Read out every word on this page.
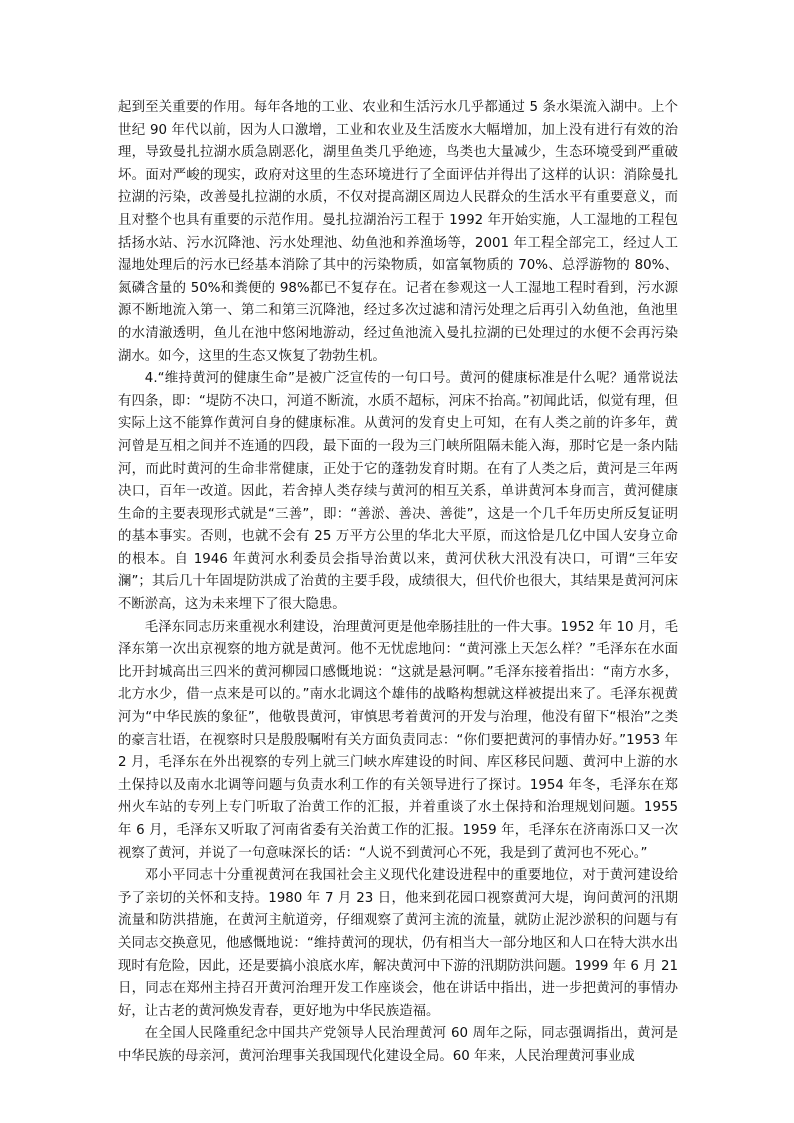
起到至关重要的作用。每年各地的工业、农业和生活污水几乎都通过 5 条水渠流入湖中。上个世纪 90 年代以前，因为人口激增，工业和农业及生活废水大幅增加，加上没有进行有效的治理，导致曼扎拉湖水质急剧恶化，湖里鱼类几乎绝迹，鸟类也大量减少，生态环境受到严重破坏。面对严峻的现实，政府对这里的生态环境进行了全面评估并得出了这样的认识：消除曼扎拉湖的污染，改善曼扎拉湖的水质，不仅对提高湖区周边人民群众的生活水平有重要意义，而且对整个也具有重要的示范作用。曼扎拉湖治污工程于 1992 年开始实施，人工湿地的工程包括扬水站、污水沉降池、污水处理池、幼鱼池和养渔场等，2001 年工程全部完工，经过人工湿地处理后的污水已经基本消除了其中的污染物质，如富氧物质的 70%、总浮游物的 80%、氮磷含量的 50%和粪便的 98%都已不复存在。记者在参观这一人工湿地工程时看到，污水源源不断地流入第一、第二和第三沉降池，经过多次过滤和清污处理之后再引入幼鱼池，鱼池里的水清澈透明，鱼儿在池中悠闲地游动，经过鱼池流入曼扎拉湖的已处理过的水便不会再污染湖水。如今，这里的生态又恢复了勃勃生机。

4.“维持黄河的健康生命”是被广泛宣传的一句口号。黄河的健康标准是什么呢？通常说法有四条，即：“堤防不决口，河道不断流，水质不超标，河床不抬高。”初闻此话，似觉有理，但实际上这不能算作黄河自身的健康标准。从黄河的发育史上可知，在有人类之前的许多年，黄河曾是互相之间并不连通的四段，最下面的一段为三门峡所阻隔未能入海，那时它是一条内陆河，而此时黄河的生命非常健康，正处于它的蓬勃发育时期。在有了人类之后，黄河是三年两决口，百年一改道。因此，若舍掉人类存续与黄河的相互关系，单讲黄河本身而言，黄河健康生命的主要表现形式就是“三善”，即：“善淤、善决、善徙”，这是一个几千年历史所反复证明的基本事实。否则，也就不会有 25 万平方公里的华北大平原，而这恰是几亿中国人安身立命的根本。自 1946 年黄河水利委员会指导治黄以来，黄河伏秋大汛没有决口，可谓“三年安澜”；其后几十年固堤防洪成了治黄的主要手段，成绩很大，但代价也很大，其结果是黄河河床不断淤高，这为未来埋下了很大隐患。

毛泽东同志历来重视水利建设，治理黄河更是他牵肠挂肚的一件大事。1952 年 10 月，毛泽东第一次出京视察的地方就是黄河。他不无忧虑地问：“黄河涨上天怎么样？”毛泽东在水面比开封城高出三四米的黄河柳园口感慨地说：“这就是悬河啊。”毛泽东接着指出：“南方水多，北方水少，借一点来是可以的。”南水北调这个雄伟的战略构想就这样被提出来了。毛泽东视黄河为“中华民族的象征”，他敬畏黄河，审慎思考着黄河的开发与治理，他没有留下“根治”之类的豪言壮语，在视察时只是殷殷嘱咐有关方面负责同志：“你们要把黄河的事情办好。”1953 年 2 月，毛泽东在外出视察的专列上就三门峡水库建设的时间、库区移民问题、黄河中上游的水土保持以及南水北调等问题与负责水利工作的有关领导进行了探讨。1954 年冬，毛泽东在郑州火车站的专列上专门听取了治黄工作的汇报，并着重谈了水土保持和治理规划问题。1955 年 6 月，毛泽东又听取了河南省委有关治黄工作的汇报。1959 年，毛泽东在济南泺口又一次视察了黄河，并说了一句意味深长的话：“人说不到黄河心不死，我是到了黄河也不死心。”

邓小平同志十分重视黄河在我国社会主义现代化建设进程中的重要地位，对于黄河建设给予了亲切的关怀和支持。1980 年 7 月 23 日，他来到花园口视察黄河大堤，询问黄河的汛期流量和防洪措施，在黄河主航道旁，仔细观察了黄河主流的流量，就防止泥沙淤积的问题与有关同志交换意见，他感慨地说：“维持黄河的现状，仍有相当大一部分地区和人口在特大洪水出现时有危险，因此，还是要搞小浪底水库，解决黄河中下游的汛期防洪问题。1999 年 6 月 21 日，同志在郑州主持召开黄河治理开发工作座谈会，他在讲话中指出，进一步把黄河的事情办好，让古老的黄河焕发青春，更好地为中华民族造福。

在全国人民隆重纪念中国共产党领导人民治理黄河 60 周年之际，同志强调指出，黄河是中华民族的母亲河，黄河治理事关我国现代化建设全局。60 年来，人民治理黄河事业成
